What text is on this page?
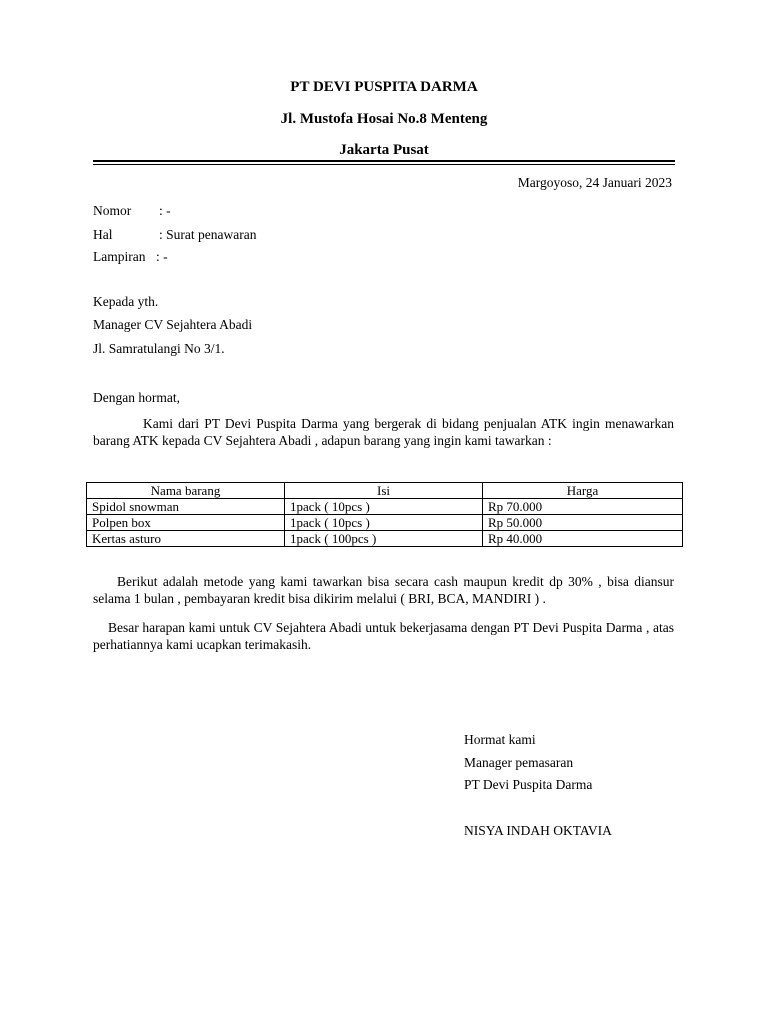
PT DEVI PUSPITA DARMA
Jl. Mustofa Hosai No.8 Menteng
Jakarta Pusat
Margoyoso, 24 Januari 2023
Nomor : -
Hal	: Surat penawaran
Lampiran : -
Kepada yth.
Manager CV Sejahtera Abadi
Jl. Samratulangi No 3/1.
Dengan hormat,
Kami dari PT Devi Puspita Darma yang bergerak di bidang penjualan ATK ingin menawarkan barang ATK kepada CV Sejahtera Abadi , adapun barang yang ingin kami tawarkan :
Nama barang	Isi	Harga
Spidol snowman	1pack ( 10pcs )	Rp 70.000
Polpen box	1pack ( 10pcs )	Rp 50.000
Kertas asturo	1pack ( 100pcs )	Rp 40.000
Berikut adalah metode yang kami tawarkan bisa secara cash maupun kredit dp 30% , bisa diansur selama 1 bulan , pembayaran kredit bisa dikirim melalui ( BRI, BCA, MANDIRI ) .
Besar harapan kami untuk CV Sejahtera Abadi untuk bekerjasama dengan PT Devi Puspita Darma , atas perhatiannya kami ucapkan terimakasih.
Hormat kami
Manager pemasaran
PT Devi Puspita Darma
NISYA INDAH OKTAVIA
